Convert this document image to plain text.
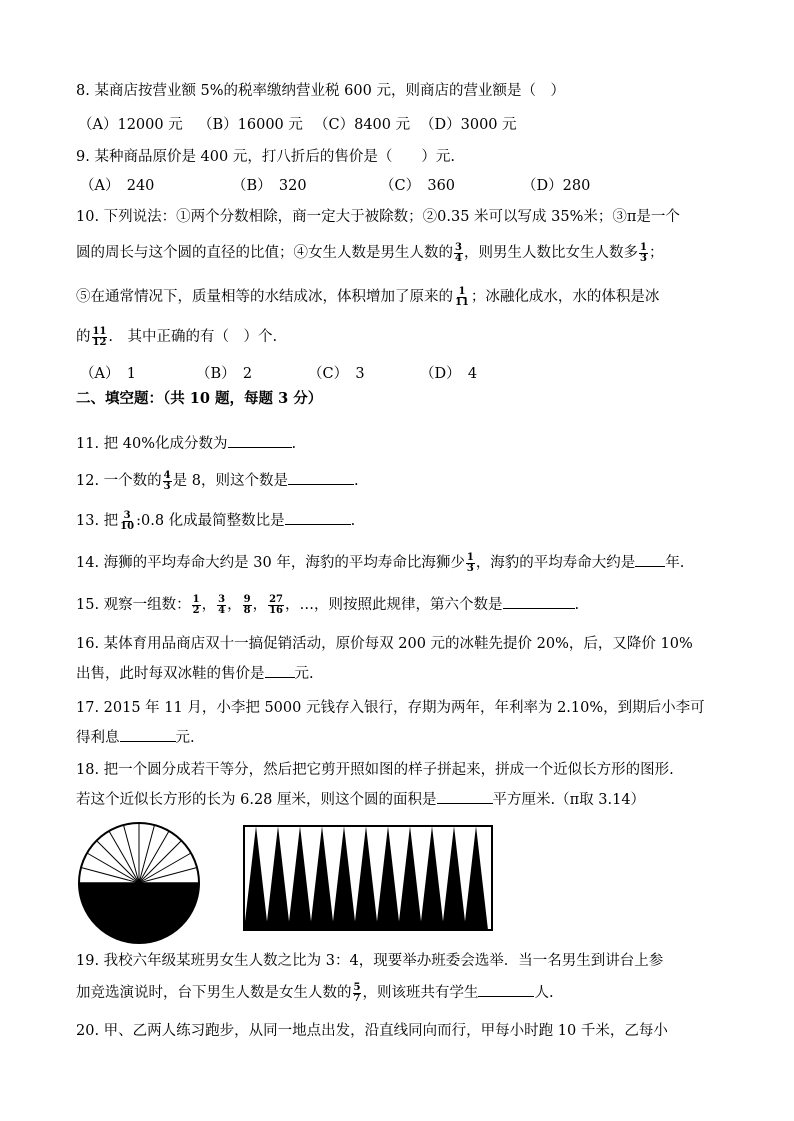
8. 某商店按营业额 5%的税率缴纳营业税 600 元，则商店的营业额是（　）
（A）12000 元 （B）16000 元 （C）8400 元 （D）3000 元
9. 某种商品原价是 400 元，打八折后的售价是（　　）元.
（A）　240	（B）　320	（C）　360	（D）280
10. 下列说法：①两个分数相除，商一定大于被除数；②0.35 米可以写成 35%米；③π是一个
圆的周长与这个圆的直径的比值；④女生人数是男生人数的 $\frac{3}{4}$ ，则男生人数比女生人数多 $\frac{1}{3}$ ；
⑤在通常情况下，质量相等的水结成冰，体积增加了原来的 $\frac{1}{11}$ ；冰融化成水，水的体积是冰
的 $\frac{11}{12}$ .　其中正确的有（　）个.
（A）　1	（B）　2	（C）　3	（D）　4
二、填空题：（共 10 题，每题 3 分）
11. 把 40%化成分数为	.
12. 一个数的 $\frac{4}{3}$ 是 8，则这个数是	.
13. 把 $\frac{3}{10}$ :0.8 化成最简整数比是	.
14. 海狮的平均寿命大约是 30 年，海豹的平均寿命比海狮少 $\frac{1}{3}$ ，海豹的平均寿命大约是 年.
15. 观察一组数： $\frac{1}{2}$ ， $\frac{3}{4}$ ， $\frac{9}{8}$ ， $\frac{27}{16}$ ，…，则按照此规律，第六个数是	.
16. 某体育用品商店双十一搞促销活动，原价每双 200 元的冰鞋先提价 20%，后，又降价 10%
出售，此时每双冰鞋的售价是 元.
17. 2015 年 11 月，小李把 5000 元钱存入银行，存期为两年，年利率为 2.10%，到期后小李可
得利息	元.
18. 把一个圆分成若干等分，然后把它剪开照如图的样子拼起来，拼成一个近似长方形的图形.
若这个近似长方形的长为 6.28 厘米，则这个圆的面积是	平方厘米.（π取 3.14）
19. 我校六年级某班男女生人数之比为 3：4，现要举办班委会选举．当一名男生到讲台上参
加竞选演说时，台下男生人数是女生人数的 $\frac{5}{7}$ ，则该班共有学生	人.
20. 甲、乙两人练习跑步，从同一地点出发，沿直线同向而行，甲每小时跑 10 千米，乙每小
